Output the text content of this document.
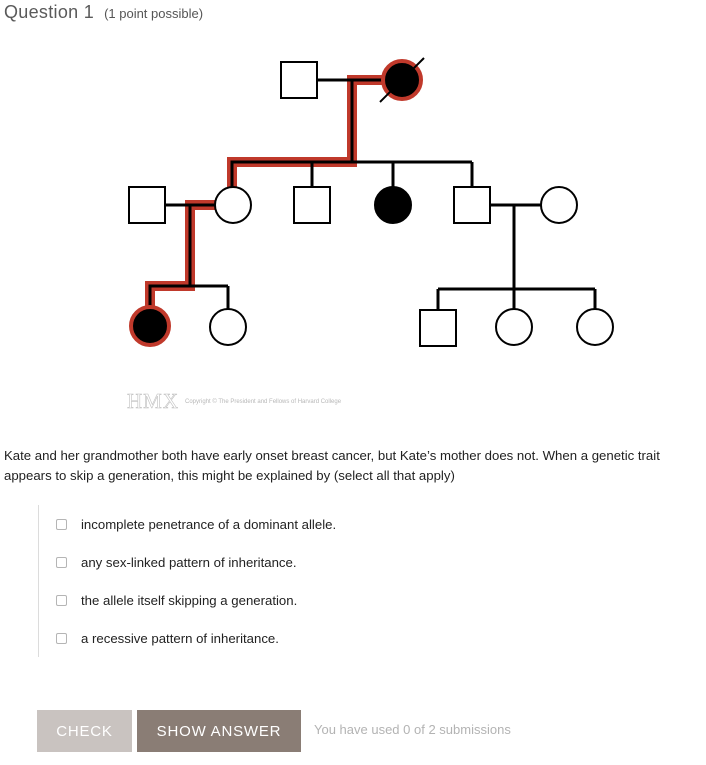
Question 1 (1 point possible)
HMX Copyright © The President and Fellows of Harvard College
Kate and her grandmother both have early onset breast cancer, but Kate’s mother does not. When a genetic trait appears to skip a generation, this might be explained by (select all that apply)
incomplete penetrance of a dominant allele.
any sex-linked pattern of inheritance.
the allele itself skipping a generation.
a recessive pattern of inheritance.
CHECK	SHOW ANSWER	You have used 0 of 2 submissions
